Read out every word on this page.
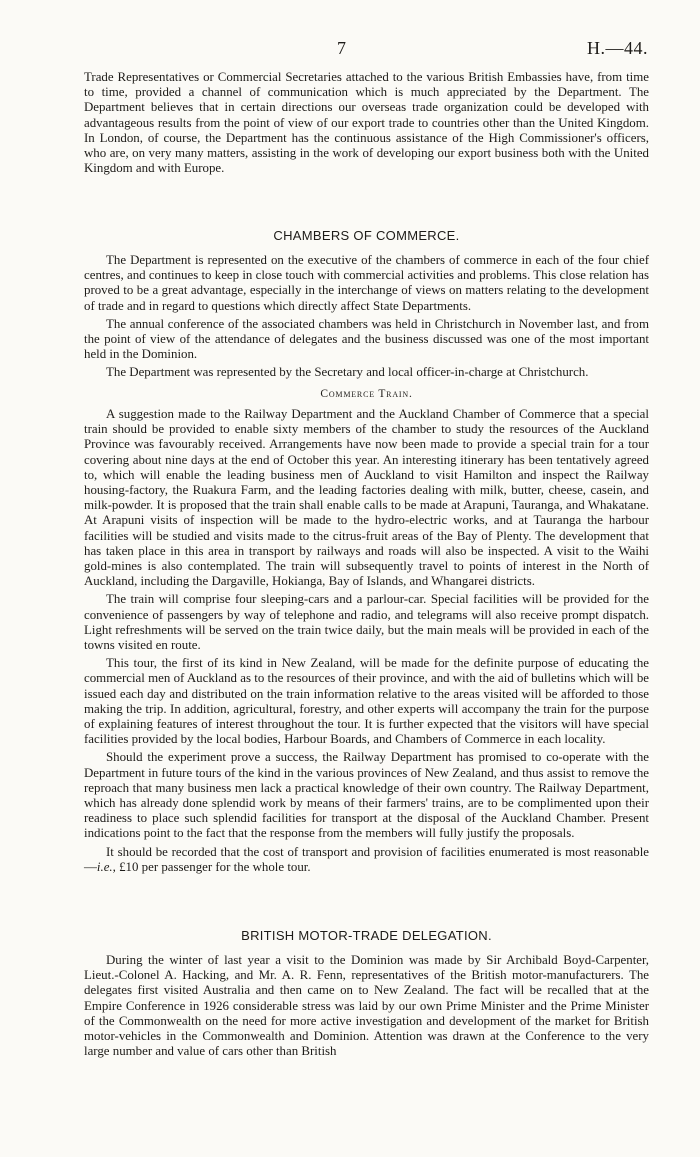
7	H.—44.

Trade Representatives or Commercial Secretaries attached to the various British Embassies have, from time to time, provided a channel of communication which is much appreciated by the Department. The Department believes that in certain directions our overseas trade organization could be developed with advantageous results from the point of view of our export trade to countries other than the United Kingdom. In London, of course, the Department has the continuous assistance of the High Commissioner's officers, who are, on very many matters, assisting in the work of developing our export business both with the United Kingdom and with Europe.

CHAMBERS OF COMMERCE.

The Department is represented on the executive of the chambers of commerce in each of the four chief centres, and continues to keep in close touch with commercial activities and problems. This close relation has proved to be a great advantage, especially in the interchange of views on matters relating to the development of trade and in regard to questions which directly affect State Departments.

The annual conference of the associated chambers was held in Christchurch in November last, and from the point of view of the attendance of delegates and the business discussed was one of the most important held in the Dominion.

The Department was represented by the Secretary and local officer-in-charge at Christchurch.

Commerce Train.

A suggestion made to the Railway Department and the Auckland Chamber of Commerce that a special train should be provided to enable sixty members of the chamber to study the resources of the Auckland Province was favourably received. Arrangements have now been made to provide a special train for a tour covering about nine days at the end of October this year. An interesting itinerary has been tentatively agreed to, which will enable the leading business men of Auckland to visit Hamilton and inspect the Railway housing-factory, the Ruakura Farm, and the leading factories dealing with milk, butter, cheese, casein, and milk-powder. It is proposed that the train shall enable calls to be made at Arapuni, Tauranga, and Whakatane. At Arapuni visits of inspection will be made to the hydro-electric works, and at Tauranga the harbour facilities will be studied and visits made to the citrus-fruit areas of the Bay of Plenty. The development that has taken place in this area in transport by railways and roads will also be inspected. A visit to the Waihi gold-mines is also contemplated. The train will subsequently travel to points of interest in the North of Auckland, including the Dargaville, Hokianga, Bay of Islands, and Whangarei districts.

The train will comprise four sleeping-cars and a parlour-car. Special facilities will be provided for the convenience of passengers by way of telephone and radio, and telegrams will also receive prompt dispatch. Light refreshments will be served on the train twice daily, but the main meals will be provided in each of the towns visited en route.

This tour, the first of its kind in New Zealand, will be made for the definite purpose of educating the commercial men of Auckland as to the resources of their province, and with the aid of bulletins which will be issued each day and distributed on the train information relative to the areas visited will be afforded to those making the trip. In addition, agricultural, forestry, and other experts will accompany the train for the purpose of explaining features of interest throughout the tour. It is further expected that the visitors will have special facilities provided by the local bodies, Harbour Boards, and Chambers of Commerce in each locality.

Should the experiment prove a success, the Railway Department has promised to co-operate with the Department in future tours of the kind in the various provinces of New Zealand, and thus assist to remove the reproach that many business men lack a practical knowledge of their own country. The Railway Department, which has already done splendid work by means of their farmers' trains, are to be complimented upon their readiness to place such splendid facilities for transport at the disposal of the Auckland Chamber. Present indications point to the fact that the response from the members will fully justify the proposals.

It should be recorded that the cost of transport and provision of facilities enumerated is most reasonable—i.e., £10 per passenger for the whole tour.

BRITISH MOTOR-TRADE DELEGATION.

During the winter of last year a visit to the Dominion was made by Sir Archibald Boyd-Carpenter, Lieut.-Colonel A. Hacking, and Mr. A. R. Fenn, representatives of the British motor-manufacturers. The delegates first visited Australia and then came on to New Zealand. The fact will be recalled that at the Empire Conference in 1926 considerable stress was laid by our own Prime Minister and the Prime Minister of the Commonwealth on the need for more active investigation and development of the market for British motor-vehicles in the Commonwealth and Dominion. Attention was drawn at the Conference to the very large number and value of cars other than British
